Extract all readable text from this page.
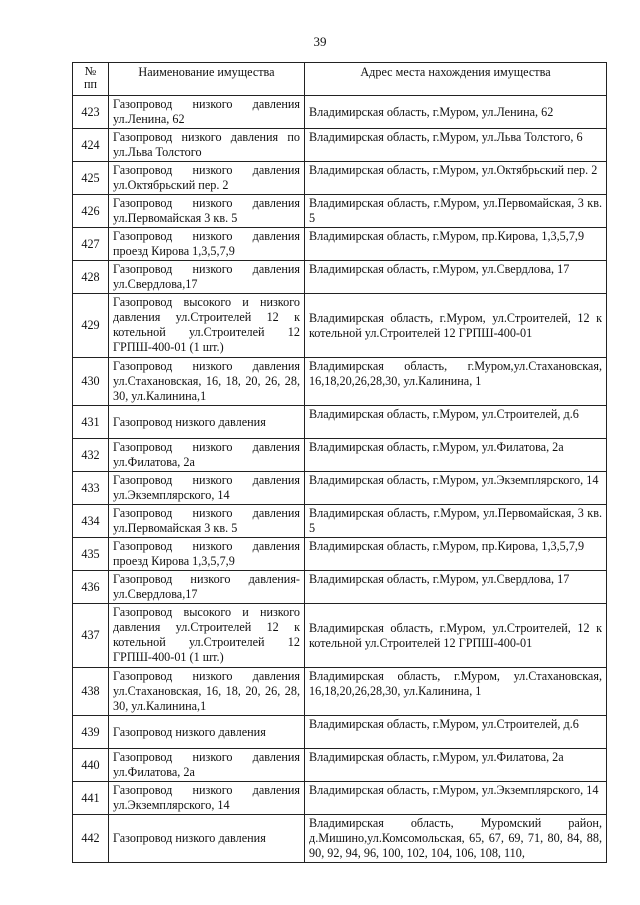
39
№ пп	Наименование имущества	Адрес места нахождения имущества
423	Газопровод низкого давления ул.Ленина, 62	Владимирская область, г.Муром, ул.Ленина, 62
424	Газопровод низкого давления по ул.Льва Толстого	Владимирская область, г.Муром, ул.Льва Толстого, 6
425	Газопровод низкого давления ул.Октябрьский пер. 2	Владимирская область, г.Муром, ул.Октябрьский пер. 2
426	Газопровод низкого давления ул.Первомайская 3 кв. 5	Владимирская область, г.Муром, ул.Первомайская, 3 кв. 5
427	Газопровод низкого давления проезд Кирова 1,3,5,7,9	Владимирская область, г.Муром, пр.Кирова, 1,3,5,7,9
428	Газопровод низкого давления ул.Свердлова,17	Владимирская область, г.Муром, ул.Свердлова, 17
429	Газопровод высокого и низкого давления ул.Строителей 12 к котельной ул.Строителей 12 ГРПШ-400-01 (1 шт.)	Владимирская область, г.Муром, ул.Строителей, 12 к котельной ул.Строителей 12 ГРПШ-400-01
430	Газопровод низкого давления ул.Стахановская, 16, 18, 20, 26, 28, 30, ул.Калинина,1	Владимирская область, г.Муром,ул.Стахановская, 16,18,20,26,28,30, ул.Калинина, 1
431	Газопровод низкого давления	Владимирская область, г.Муром, ул.Строителей, д.6
432	Газопровод низкого давления ул.Филатова, 2а	Владимирская область, г.Муром, ул.Филатова, 2а
433	Газопровод низкого давления ул.Экземплярского, 14	Владимирская область, г.Муром, ул.Экземплярского, 14
434	Газопровод низкого давления ул.Первомайская 3 кв. 5	Владимирская область, г.Муром, ул.Первомайская, 3 кв. 5
435	Газопровод низкого давления проезд Кирова 1,3,5,7,9	Владимирская область, г.Муром, пр.Кирова, 1,3,5,7,9
436	Газопровод низкого давления-ул.Свердлова,17	Владимирская область, г.Муром, ул.Свердлова, 17
437	Газопровод высокого и низкого давления ул.Строителей 12 к котельной ул.Строителей 12 ГРПШ-400-01 (1 шт.)	Владимирская область, г.Муром, ул.Строителей, 12 к котельной ул.Строителей 12 ГРПШ-400-01
438	Газопровод низкого давления ул.Стахановская, 16, 18, 20, 26, 28, 30, ул.Калинина,1	Владимирская область, г.Муром, ул.Стахановская, 16,18,20,26,28,30, ул.Калинина, 1
439	Газопровод низкого давления	Владимирская область, г.Муром, ул.Строителей, д.6
440	Газопровод низкого давления ул.Филатова, 2а	Владимирская область, г.Муром, ул.Филатова, 2а
441	Газопровод низкого давления ул.Экземплярского, 14	Владимирская область, г.Муром, ул.Экземплярского, 14
442	Газопровод низкого давления	Владимирская область, Муромский район, д.Мишино,ул.Комсомольская, 65, 67, 69, 71, 80, 84, 88, 90, 92, 94, 96, 100, 102, 104, 106, 108, 110,
